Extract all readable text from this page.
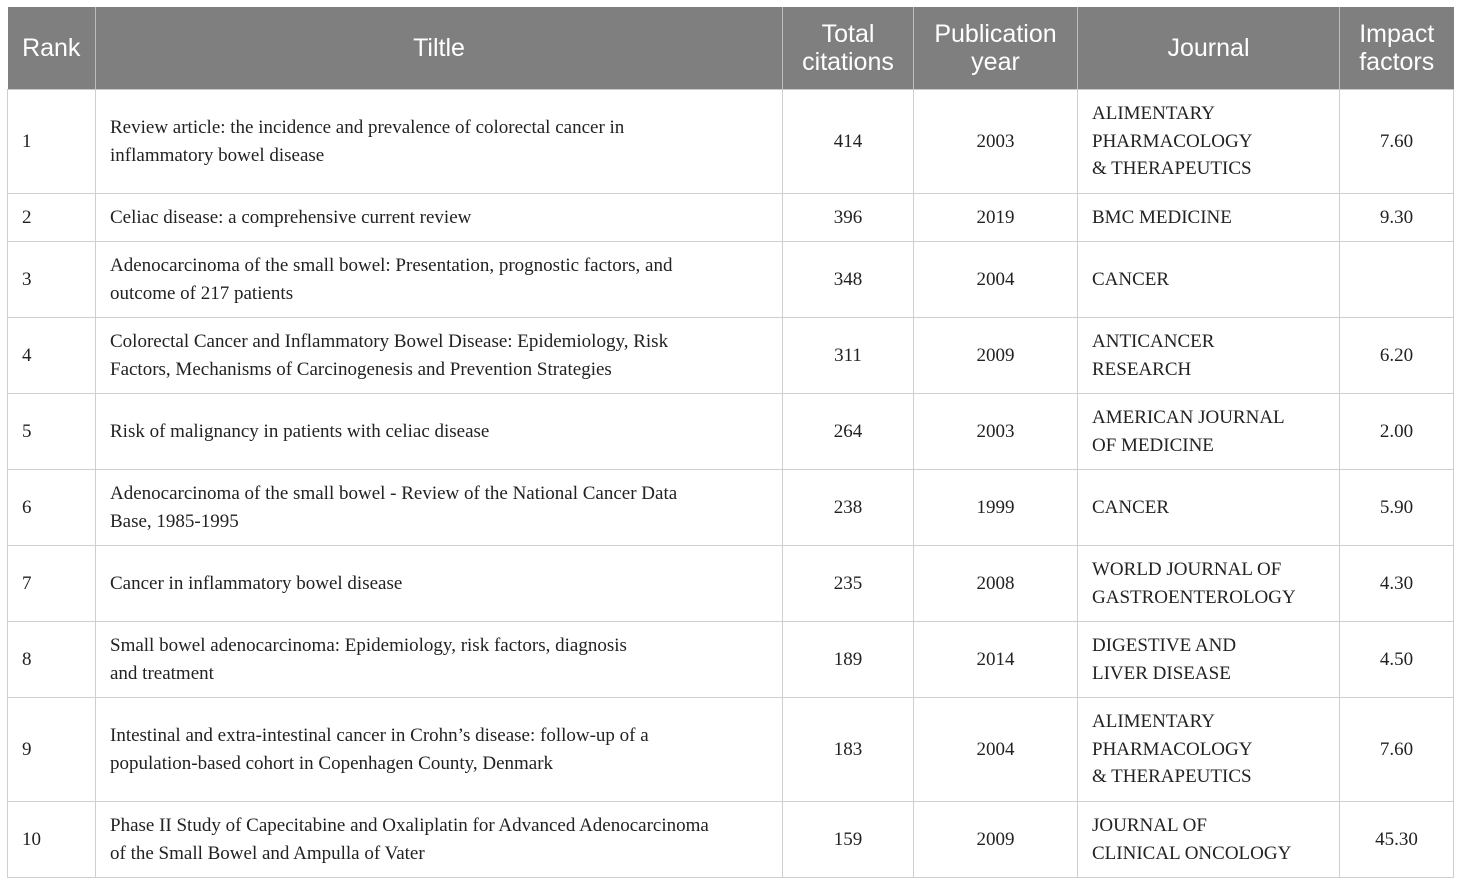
Rank	Tiltle	Total citations	Publication year	Journal	Impact factors
1	Review article: the incidence and prevalence of colorectal cancer in
inflammatory bowel disease	414	2003	ALIMENTARY
PHARMACOLOGY
& THERAPEUTICS	7.60
2	Celiac disease: a comprehensive current review	396	2019	BMC MEDICINE	9.30
3	Adenocarcinoma of the small bowel: Presentation, prognostic factors, and
outcome of 217 patients	348	2004	CANCER	

4	Colorectal Cancer and Inflammatory Bowel Disease: Epidemiology, Risk
Factors, Mechanisms of Carcinogenesis and Prevention Strategies	311	2009	ANTICANCER
RESEARCH	6.20
5	Risk of malignancy in patients with celiac disease	264	2003	AMERICAN JOURNAL
OF MEDICINE	2.00
6	Adenocarcinoma of the small bowel - Review of the National Cancer Data
Base, 1985-1995	238	1999	CANCER	5.90
7	Cancer in inflammatory bowel disease	235	2008	WORLD JOURNAL OF
GASTROENTEROLOGY	4.30
8	Small bowel adenocarcinoma: Epidemiology, risk factors, diagnosis
and treatment	189	2014	DIGESTIVE AND
LIVER DISEASE	4.50
9	Intestinal and extra-intestinal cancer in Crohn’s disease: follow-up of a
population-based cohort in Copenhagen County, Denmark	183	2004	ALIMENTARY
PHARMACOLOGY
& THERAPEUTICS	7.60
10	Phase II Study of Capecitabine and Oxaliplatin for Advanced Adenocarcinoma
of the Small Bowel and Ampulla of Vater	159	2009	JOURNAL OF
CLINICAL ONCOLOGY	45.30
